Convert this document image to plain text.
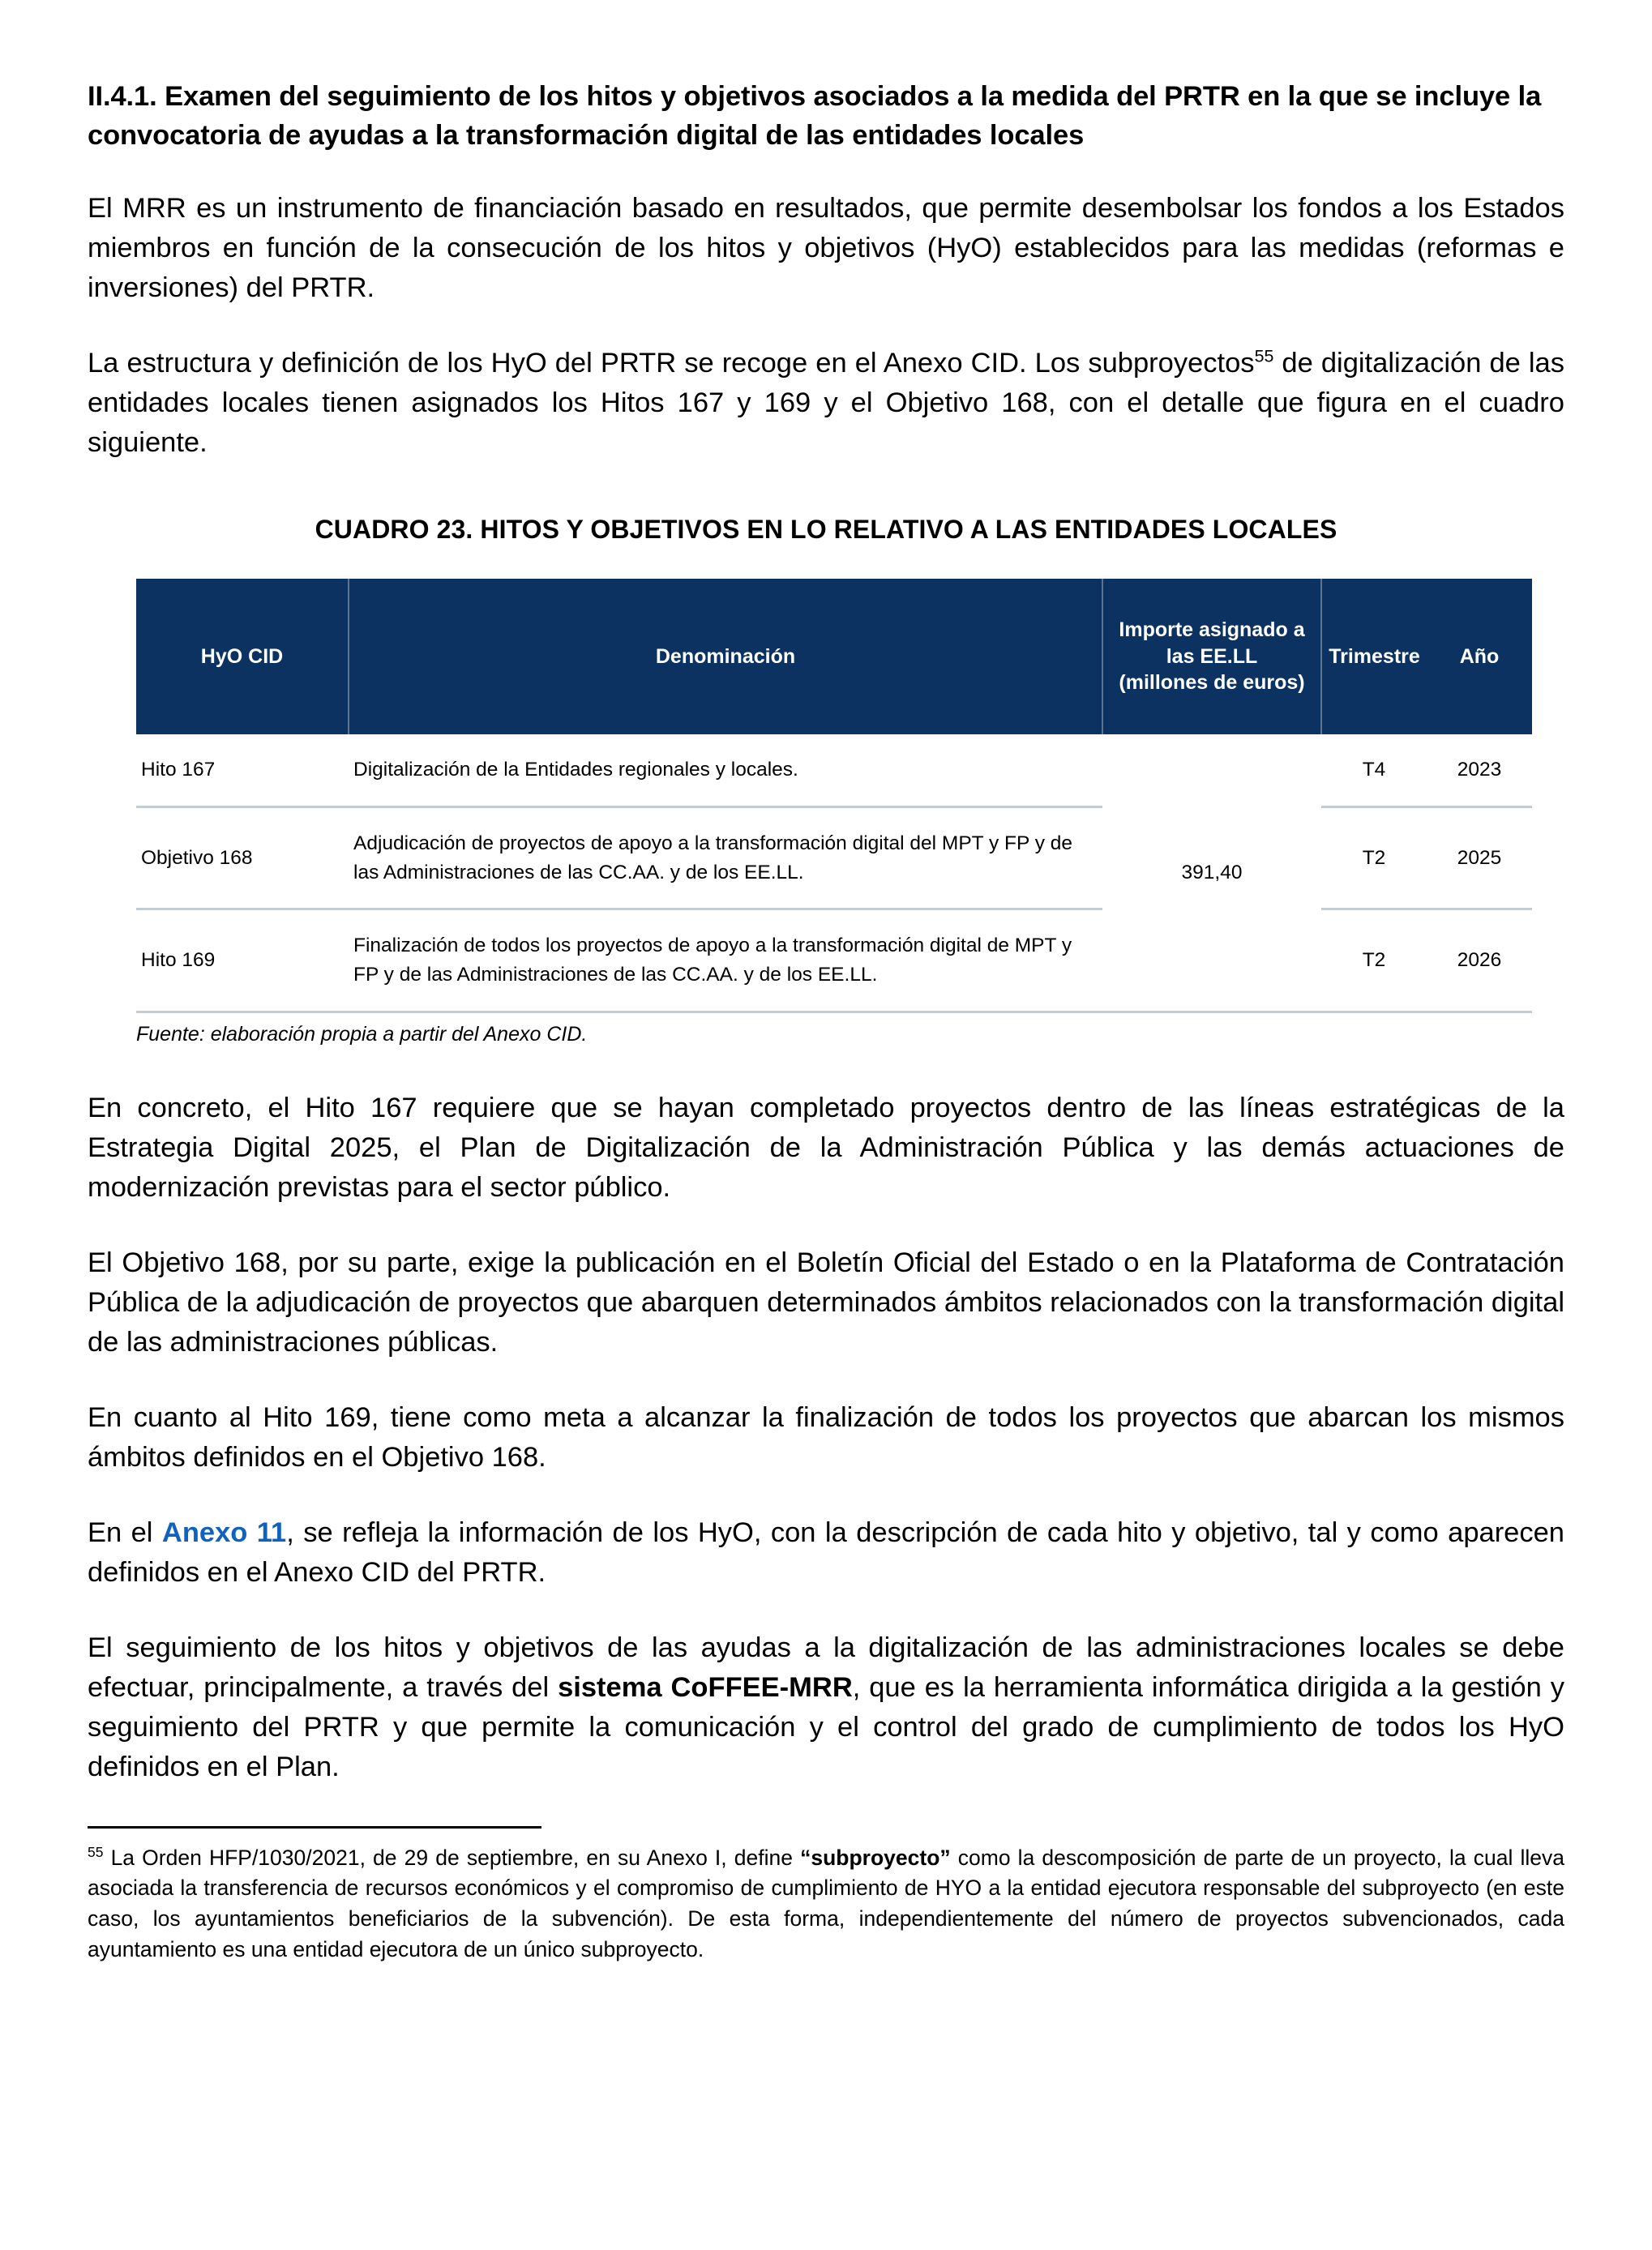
II.4.1. Examen del seguimiento de los hitos y objetivos asociados a la medida del PRTR en la que se incluye la convocatoria de ayudas a la transformación digital de las entidades locales

El MRR es un instrumento de financiación basado en resultados, que permite desembolsar los fondos a los Estados miembros en función de la consecución de los hitos y objetivos (HyO) establecidos para las medidas (reformas e inversiones) del PRTR.

La estructura y definición de los HyO del PRTR se recoge en el Anexo CID. Los subproyectos$^{55}$ de digitalización de las entidades locales tienen asignados los Hitos 167 y 169 y el Objetivo 168, con el detalle que figura en el cuadro siguiente.

CUADRO 23. HITOS Y OBJETIVOS EN LO RELATIVO A LAS ENTIDADES LOCALES
HyO CID	Denominación	Importe asignado a
las EE.LL
(millones de euros)	Trimestre	Año
Hito 167	Digitalización de la Entidades regionales y locales.	391,40	T4	2023
Objetivo 168	Adjudicación de proyectos de apoyo a la transformación digital del MPT y FP y de las Administraciones de las CC.AA. y de los EE.LL.		T2	2025
Hito 169	Finalización de todos los proyectos de apoyo a la transformación digital de MPT y FP y de las Administraciones de las CC.AA. y de los EE.LL.		T2	2026
Fuente: elaboración propia a partir del Anexo CID.

En concreto, el Hito 167 requiere que se hayan completado proyectos dentro de las líneas estratégicas de la Estrategia Digital 2025, el Plan de Digitalización de la Administración Pública y las demás actuaciones de modernización previstas para el sector público.

El Objetivo 168, por su parte, exige la publicación en el Boletín Oficial del Estado o en la Plataforma de Contratación Pública de la adjudicación de proyectos que abarquen determinados ámbitos relacionados con la transformación digital de las administraciones públicas.

En cuanto al Hito 169, tiene como meta a alcanzar la finalización de todos los proyectos que abarcan los mismos ámbitos definidos en el Objetivo 168.

En el Anexo 11, se refleja la información de los HyO, con la descripción de cada hito y objetivo, tal y como aparecen definidos en el Anexo CID del PRTR.

El seguimiento de los hitos y objetivos de las ayudas a la digitalización de las administraciones locales se debe efectuar, principalmente, a través del sistema CoFFEE-MRR, que es la herramienta informática dirigida a la gestión y seguimiento del PRTR y que permite la comunicación y el control del grado de cumplimiento de todos los HyO definidos en el Plan.

$^{55}$ La Orden HFP/1030/2021, de 29 de septiembre, en su Anexo I, define “subproyecto” como la descomposición de parte de un proyecto, la cual lleva asociada la transferencia de recursos económicos y el compromiso de cumplimiento de HYO a la entidad ejecutora responsable del subproyecto (en este caso, los ayuntamientos beneficiarios de la subvención). De esta forma, independientemente del número de proyectos subvencionados, cada ayuntamiento es una entidad ejecutora de un único subproyecto.
